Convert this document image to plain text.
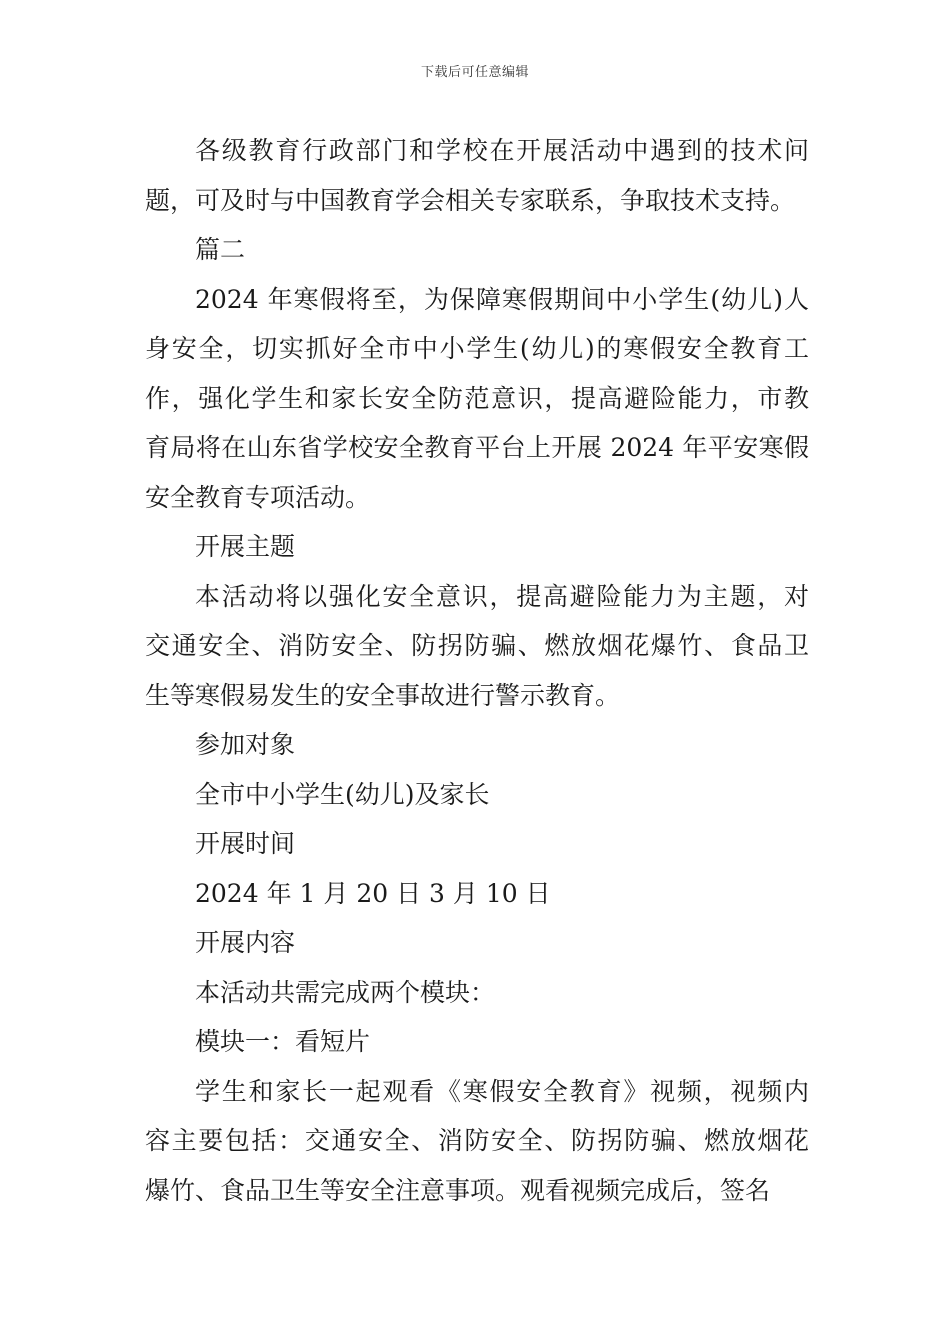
下载后可任意编辑
各级教育行政部门和学校在开展活动中遇到的技术问
题，可及时与中国教育学会相关专家联系，争取技术支持。
篇二
2024 年寒假将至，为保障寒假期间中小学生(幼儿)人
身安全，切实抓好全市中小学生(幼儿)的寒假安全教育工
作，强化学生和家长安全防范意识，提高避险能力，市教
育局将在山东省学校安全教育平台上开展 2024 年平安寒假
安全教育专项活动。
开展主题
本活动将以强化安全意识，提高避险能力为主题，对
交通安全、消防安全、防拐防骗、燃放烟花爆竹、食品卫
生等寒假易发生的安全事故进行警示教育。
参加对象
全市中小学生(幼儿)及家长
开展时间
2024 年 1 月 20 日 3 月 10 日
开展内容
本活动共需完成两个模块：
模块一：看短片
学生和家长一起观看《寒假安全教育》视频，视频内
容主要包括：交通安全、消防安全、防拐防骗、燃放烟花
爆竹、食品卫生等安全注意事项。观看视频完成后，签名
